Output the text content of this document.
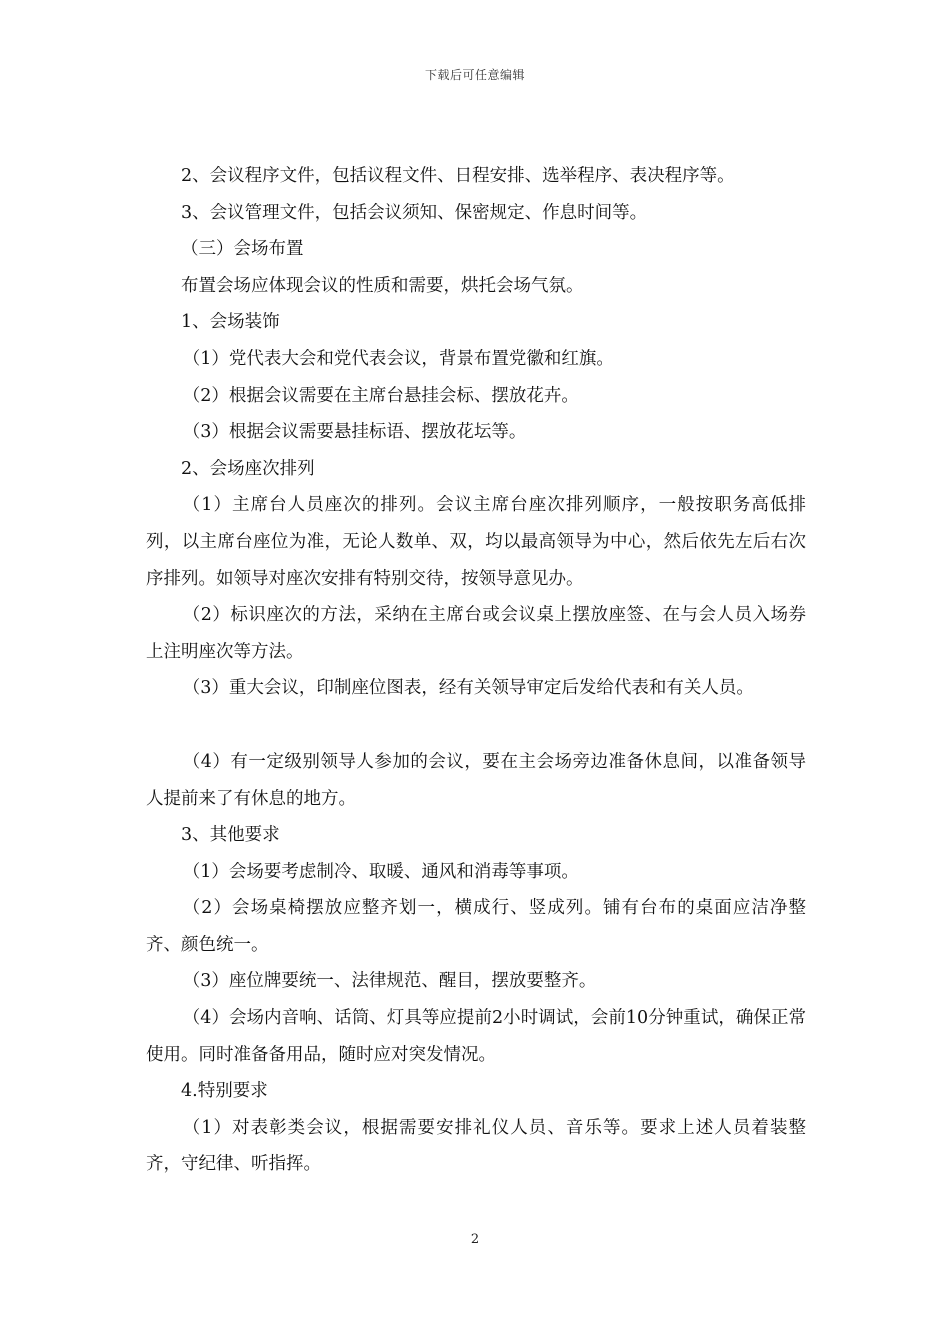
下载后可任意编辑

2、会议程序文件，包括议程文件、日程安排、选举程序、表决程序等。

3、会议管理文件，包括会议须知、保密规定、作息时间等。

（三）会场布置

布置会场应体现会议的性质和需要，烘托会场气氛。

1、会场装饰

（1）党代表大会和党代表会议，背景布置党徽和红旗。

（2）根据会议需要在主席台悬挂会标、摆放花卉。

（3）根据会议需要悬挂标语、摆放花坛等。

2、会场座次排列

（1）主席台人员座次的排列。会议主席台座次排列顺序，一般按职务高低排列，以主席台座位为准，无论人数单、双，均以最高领导为中心，然后依先左后右次序排列。如领导对座次安排有特别交待，按领导意见办。

（2）标识座次的方法，采纳在主席台或会议桌上摆放座签、在与会人员入场券上注明座次等方法。

（3）重大会议，印制座位图表，经有关领导审定后发给代表和有关人员。

（4）有一定级别领导人参加的会议，要在主会场旁边准备休息间，以准备领导人提前来了有休息的地方。

3、其他要求

（1）会场要考虑制冷、取暖、通风和消毒等事项。

（2）会场桌椅摆放应整齐划一，横成行、竖成列。铺有台布的桌面应洁净整齐、颜色统一。

（3）座位牌要统一、法律规范、醒目，摆放要整齐。

（4）会场内音响、话筒、灯具等应提前2小时调试，会前10分钟重试，确保正常使用。同时准备备用品，随时应对突发情况。

4.特别要求

（1）对表彰类会议，根据需要安排礼仪人员、音乐等。要求上述人员着装整齐，守纪律、听指挥。

2
